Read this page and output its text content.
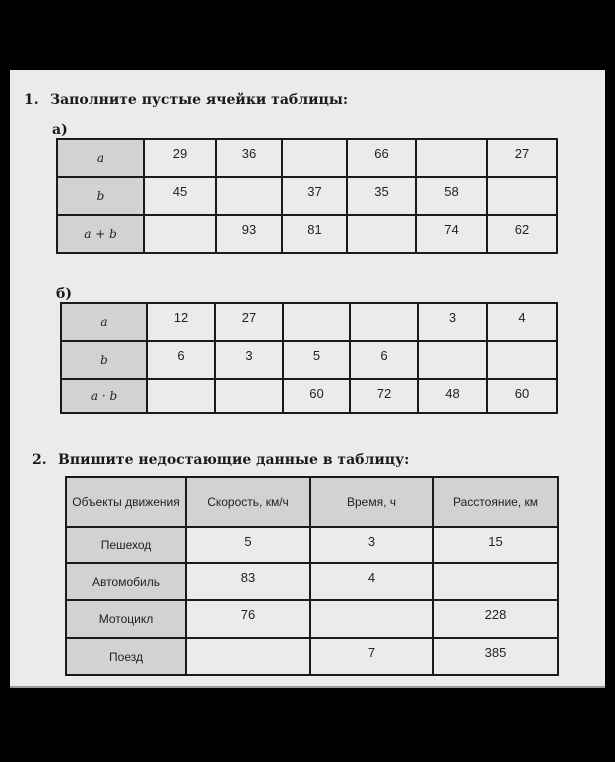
1. Заполните пустые ячейки таблицы:
а)
a	29	36		66		27
b	45		37	35	58	
a + b		93	81		74	62
б)
a	12	27			3	4
b	6	3	5	6		
a · b			60	72	48	60
2. Впишите недостающие данные в таблицу:
Объекты движения	Скорость, км/ч	Время, ч	Расстояние, км
Пешеход	5	3	15
Автомобиль	83	4	
Мотоцикл	76		228
Поезд		7	385
